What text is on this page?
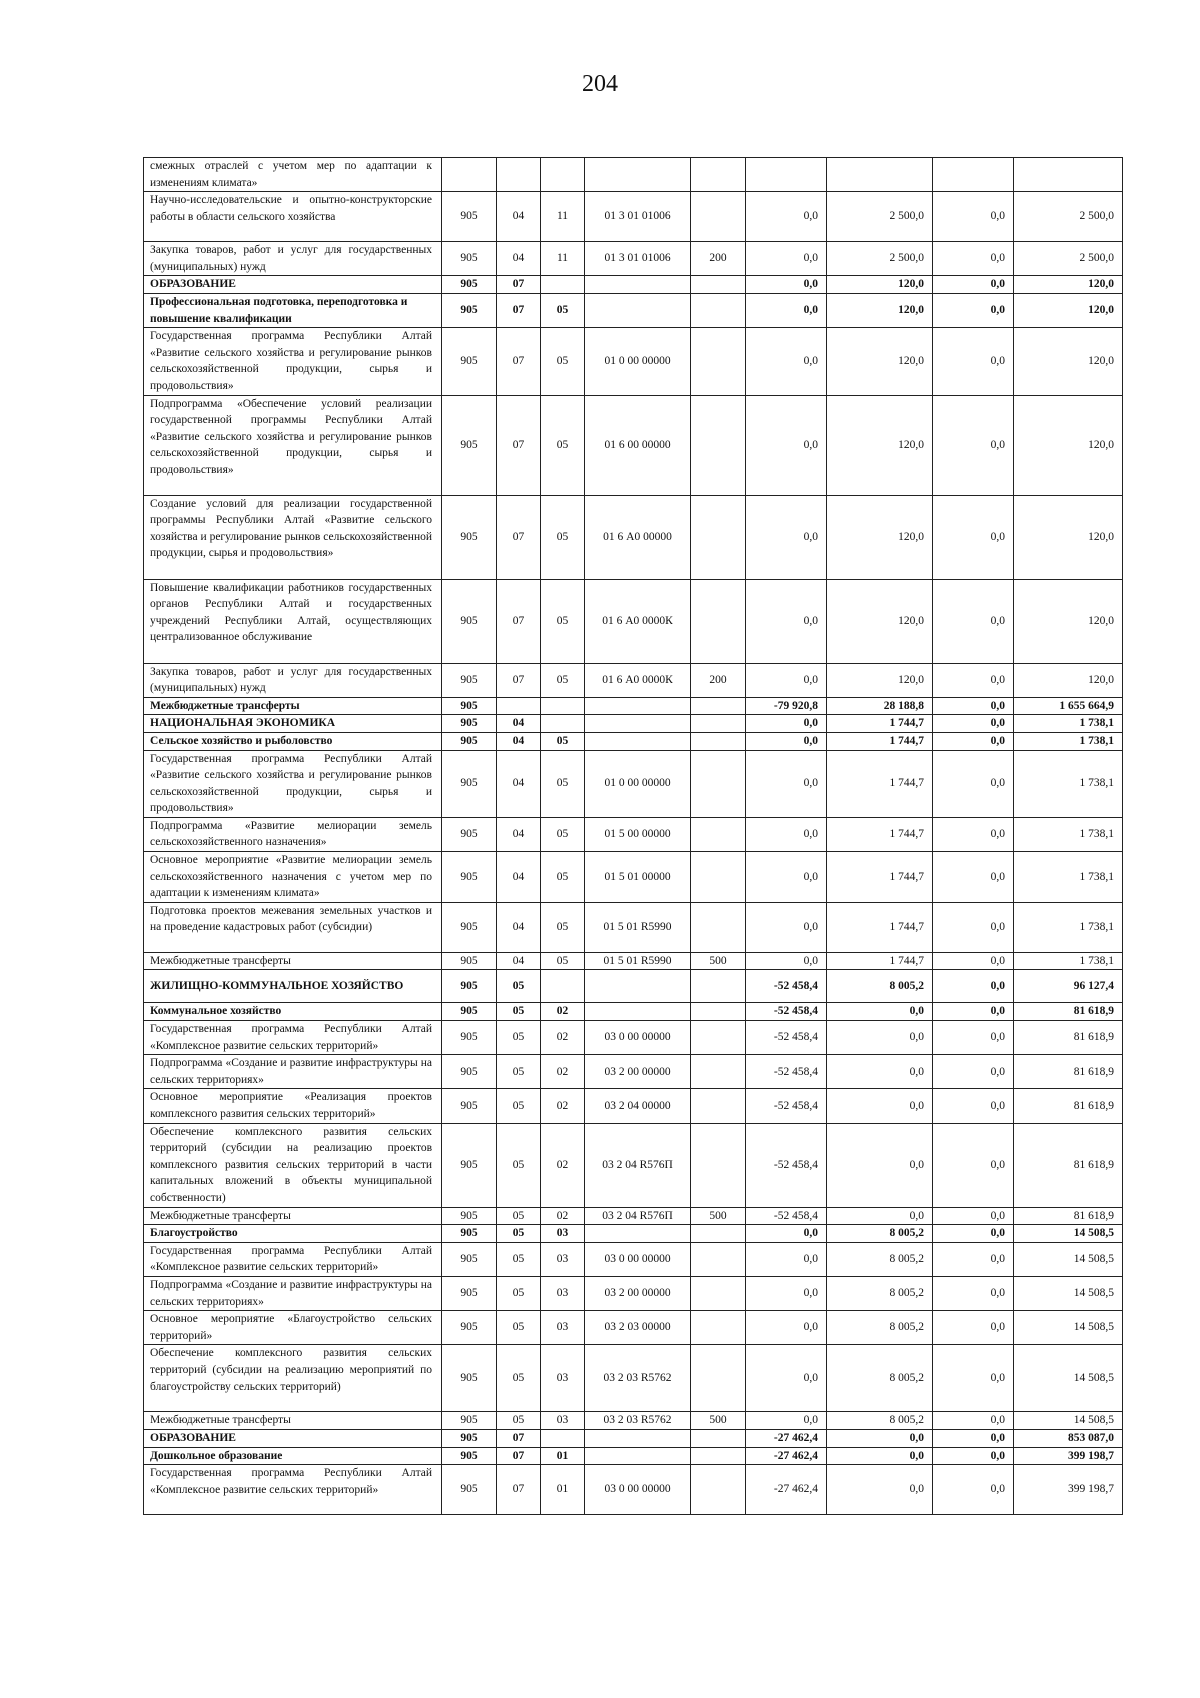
204
смежных отраслей с учетом мер по адаптации к изменениям климата»									
Научно-исследовательские и опытно-конструкторские работы в области сельского хозяйства	905	04	11	01 3 01 01006		0,0	2 500,0	0,0	2 500,0
Закупка товаров, работ и услуг для государственных (муниципальных) нужд	905	04	11	01 3 01 01006	200	0,0	2 500,0	0,0	2 500,0
ОБРАЗОВАНИЕ	905	07				0,0	120,0	0,0	120,0
Профессиональная подготовка, переподготовка и повышение квалификации	905	07	05			0,0	120,0	0,0	120,0
Государственная программа Республики Алтай «Развитие сельского хозяйства и регулирование рынков сельскохозяйственной продукции, сырья и продовольствия»	905	07	05	01 0 00 00000		0,0	120,0	0,0	120,0
Подпрограмма «Обеспечение условий реализации государственной программы Республики Алтай «Развитие сельского хозяйства и регулирование рынков сельскохозяйственной продукции, сырья и продовольствия»	905	07	05	01 6 00 00000		0,0	120,0	0,0	120,0
Создание условий для реализации государственной программы Республики Алтай «Развитие сельского хозяйства и регулирование рынков сельскохозяйственной продукции, сырья и продовольствия»	905	07	05	01 6 А0 00000		0,0	120,0	0,0	120,0
Повышение квалификации работников государственных органов Республики Алтай и государственных учреждений Республики Алтай, осуществляющих централизованное обслуживание	905	07	05	01 6 А0 0000К		0,0	120,0	0,0	120,0
Закупка товаров, работ и услуг для государственных (муниципальных) нужд	905	07	05	01 6 А0 0000К	200	0,0	120,0	0,0	120,0
Межбюджетные трансферты	905					-79 920,8	28 188,8	0,0	1 655 664,9
НАЦИОНАЛЬНАЯ ЭКОНОМИКА	905	04				0,0	1 744,7	0,0	1 738,1
Сельское хозяйство и рыболовство	905	04	05			0,0	1 744,7	0,0	1 738,1
Государственная программа Республики Алтай «Развитие сельского хозяйства и регулирование рынков сельскохозяйственной продукции, сырья и продовольствия»	905	04	05	01 0 00 00000		0,0	1 744,7	0,0	1 738,1
Подпрограмма «Развитие мелиорации земель сельскохозяйственного назначения»	905	04	05	01 5 00 00000		0,0	1 744,7	0,0	1 738,1
Основное мероприятие «Развитие мелиорации земель сельскохозяйственного назначения с учетом мер по адаптации к изменениям климата»	905	04	05	01 5 01 00000		0,0	1 744,7	0,0	1 738,1
Подготовка проектов межевания земельных участков и на проведение кадастровых работ (субсидии)	905	04	05	01 5 01 R5990		0,0	1 744,7	0,0	1 738,1
Межбюджетные трансферты	905	04	05	01 5 01 R5990	500	0,0	1 744,7	0,0	1 738,1
ЖИЛИЩНО-КОММУНАЛЬНОЕ ХОЗЯЙСТВО	905	05				-52 458,4	8 005,2	0,0	96 127,4
Коммунальное хозяйство	905	05	02			-52 458,4	0,0	0,0	81 618,9
Государственная программа Республики Алтай «Комплексное развитие сельских территорий»	905	05	02	03 0 00 00000		-52 458,4	0,0	0,0	81 618,9
Подпрограмма «Создание и развитие инфраструктуры на сельских территориях»	905	05	02	03 2 00 00000		-52 458,4	0,0	0,0	81 618,9
Основное мероприятие «Реализация проектов комплексного развития сельских территорий»	905	05	02	03 2 04 00000		-52 458,4	0,0	0,0	81 618,9
Обеспечение комплексного развития сельских территорий (субсидии на реализацию проектов комплексного развития сельских территорий в части капитальных вложений в объекты муниципальной собственности)	905	05	02	03 2 04 R576П		-52 458,4	0,0	0,0	81 618,9
Межбюджетные трансферты	905	05	02	03 2 04 R576П	500	-52 458,4	0,0	0,0	81 618,9
Благоустройство	905	05	03			0,0	8 005,2	0,0	14 508,5
Государственная программа Республики Алтай «Комплексное развитие сельских территорий»	905	05	03	03 0 00 00000		0,0	8 005,2	0,0	14 508,5
Подпрограмма «Создание и развитие инфраструктуры на сельских территориях»	905	05	03	03 2 00 00000		0,0	8 005,2	0,0	14 508,5
Основное мероприятие «Благоустройство сельских территорий»	905	05	03	03 2 03 00000		0,0	8 005,2	0,0	14 508,5
Обеспечение комплексного развития сельских территорий (субсидии на реализацию мероприятий по благоустройству сельских территорий)	905	05	03	03 2 03 R5762		0,0	8 005,2	0,0	14 508,5
Межбюджетные трансферты	905	05	03	03 2 03 R5762	500	0,0	8 005,2	0,0	14 508,5
ОБРАЗОВАНИЕ	905	07				-27 462,4	0,0	0,0	853 087,0
Дошкольное образование	905	07	01			-27 462,4	0,0	0,0	399 198,7
Государственная программа Республики Алтай «Комплексное развитие сельских территорий»	905	07	01	03 0 00 00000		-27 462,4	0,0	0,0	399 198,7
